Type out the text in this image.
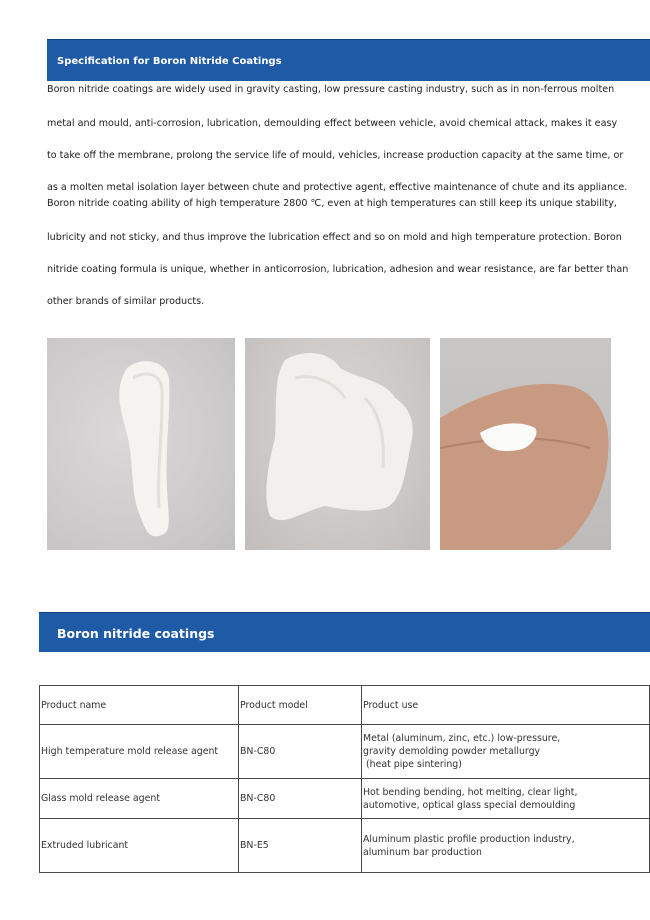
Specification for Boron Nitride Coatings
Boron nitride coatings are widely used in gravity casting, low pressure casting industry, such as in non-ferrous molten
metal and mould, anti-corrosion, lubrication, demoulding effect between vehicle, avoid chemical attack, makes it easy
to take off the membrane, prolong the service life of mould, vehicles, increase production capacity at the same time, or
as a molten metal isolation layer between chute and protective agent, effective maintenance of chute and its appliance.
Boron nitride coating ability of high temperature 2800 ℃, even at high temperatures can still keep its unique stability,
lubricity and not sticky, and thus improve the lubrication effect and so on mold and high temperature protection. Boron
nitride coating formula is unique, whether in anticorrosion, lubrication, adhesion and wear resistance, are far better than
other brands of similar products.
Boron nitride coatings
Product name	Product model	Product use
High temperature mold release agent	BN-C80	Metal (aluminum, zinc, etc.) low-pressure,
gravity demolding powder metallurgy
(heat pipe sintering)

Glass mold release agent	BN-C80	Hot bending bending, hot melting, clear light,
automotive, optical glass special demoulding

Extruded lubricant	BN-E5	Aluminum plastic profile production industry,
aluminum bar production
